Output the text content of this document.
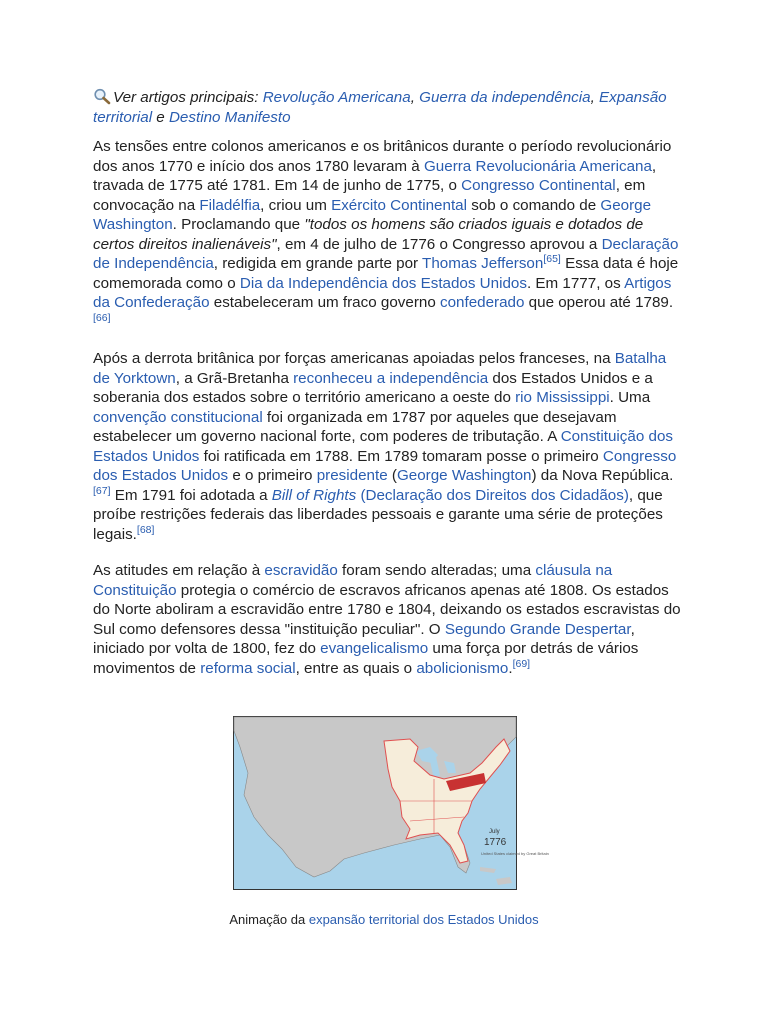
Ver artigos principais: Revolução Americana, Guerra da independência, Expansão territorial e Destino Manifesto

As tensões entre colonos americanos e os britânicos durante o período revolucionário dos anos 1770 e início dos anos 1780 levaram à Guerra Revolucionária Americana, travada de 1775 até 1781. Em 14 de junho de 1775, o Congresso Continental, em convocação na Filadélfia, criou um Exército Continental sob o comando de George Washington. Proclamando que "todos os homens são criados iguais e dotados de certos direitos inalienáveis", em 4 de julho de 1776 o Congresso aprovou a Declaração de Independência, redigida em grande parte por Thomas Jefferson[65] Essa data é hoje comemorada como o Dia da Independência dos Estados Unidos. Em 1777, os Artigos da Confederação estabeleceram um fraco governo confederado que operou até 1789.[66]

Após a derrota britânica por forças americanas apoiadas pelos franceses, na Batalha de Yorktown, a Grã-Bretanha reconheceu a independência dos Estados Unidos e a soberania dos estados sobre o território americano a oeste do rio Mississippi. Uma convenção constitucional foi organizada em 1787 por aqueles que desejavam estabelecer um governo nacional forte, com poderes de tributação. A Constituição dos Estados Unidos foi ratificada em 1788. Em 1789 tomaram posse o primeiro Congresso dos Estados Unidos e o primeiro presidente (George Washington) da Nova República.[67] Em 1791 foi adotada a Bill of Rights (Declaração dos Direitos dos Cidadãos), que proíbe restrições federais das liberdades pessoais e garante uma série de proteções legais.[68]

As atitudes em relação à escravidão foram sendo alteradas; uma cláusula na Constituição protegia o comércio de escravos africanos apenas até 1808. Os estados do Norte aboliram a escravidão entre 1780 e 1804, deixando os estados escravistas do Sul como defensores dessa "instituição peculiar". O Segundo Grande Despertar, iniciado por volta de 1800, fez do evangelicalismo uma força por detrás de vários movimentos de reforma social, entre as quais o abolicionismo.[69]

July
1776
United States claimed by Great Britain
Animação da expansão territorial dos Estados Unidos
